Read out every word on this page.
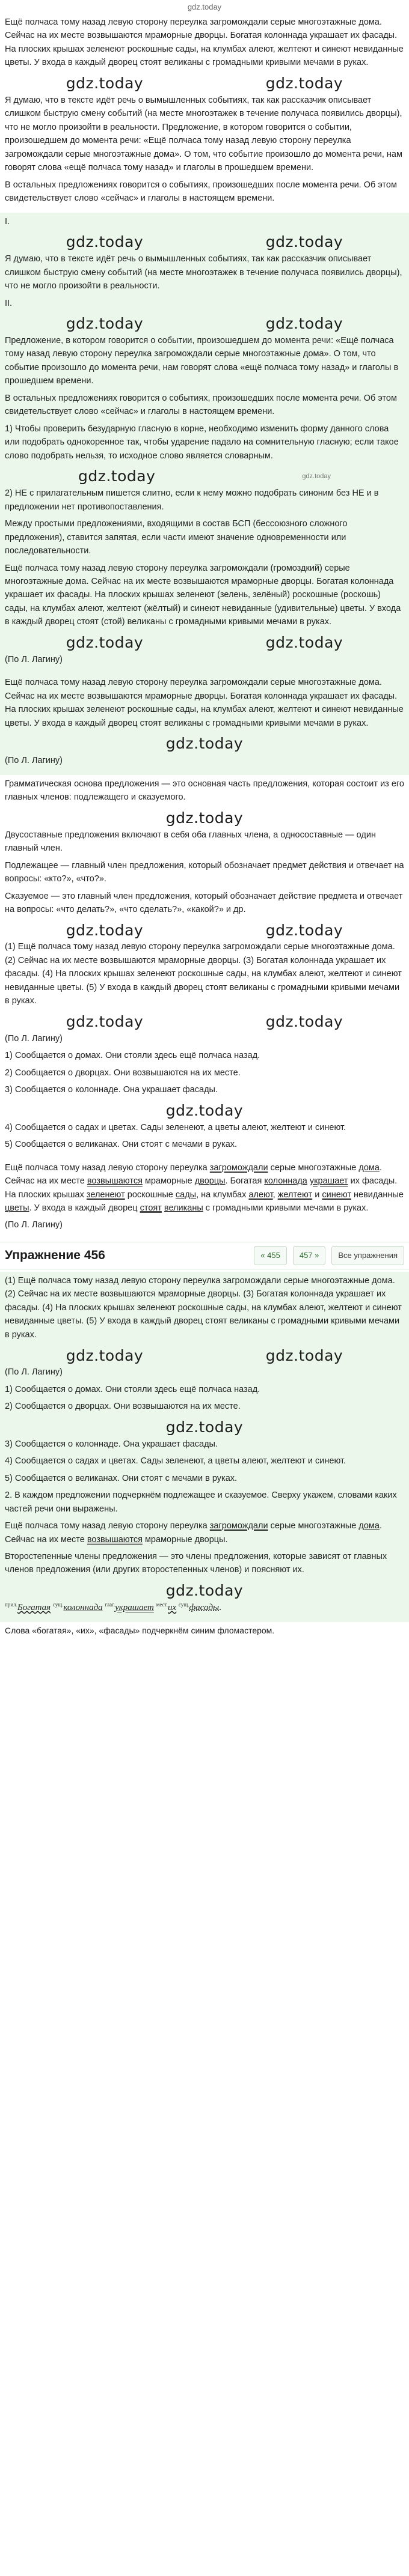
gdz.today

Ещё полчаса тому назад левую сторону переулка загромождали серые многоэтажные дома. Сейчас на их месте возвышаются мраморные дворцы. Богатая колоннада украшает их фасады. На плоских крышах зеленеют роскошные сады, на клумбах алеют, желтеют и синеют невиданные цветы. У входа в каждый дворец стоят великаны с громадными кривыми мечами в руках.

gdz.today	gdz.today

Я думаю, что в тексте идёт речь о вымышленных событиях, так как рассказчик описывает слишком быструю смену событий (на месте многоэтажек в течение получаса появились дворцы), что не могло произойти в реальности. Предложение, в котором говорится о событии, произошедшем до момента речи: «Ещё полчаса тому назад левую сторону переулка загромождали серые многоэтажные дома». О том, что событие произошло до момента речи, нам говорят слова «ещё полчаса тому назад» и глаголы в прошедшем времени.

В остальных предложениях говорится о событиях, произошедших после момента речи. Об этом свидетельствует слово «сейчас» и глаголы в настоящем времени.

I.

gdz.today	gdz.today

Я думаю, что в тексте идёт речь о вымышленных событиях, так как рассказчик описывает слишком быструю смену событий (на месте многоэтажек в течение получаса появились дворцы), что не могло произойти в реальности.

II.

gdz.today	gdz.today

Предложение, в котором говорится о событии, произошедшем до момента речи: «Ещё полчаса тому назад левую сторону переулка загромождали серые многоэтажные дома». О том, что событие произошло до момента речи, нам говорят слова «ещё полчаса тому назад» и глаголы в прошедшем времени.

В остальных предложениях говорится о событиях, произошедших после момента речи. Об этом свидетельствует слово «сейчас» и глаголы в настоящем времени.

1) Чтобы проверить безударную гласную в корне, необходимо изменить форму данного слова или подобрать однокоренное так, чтобы ударение падало на сомнительную гласную; если такое слово подобрать нельзя, то исходное слово является словарным.

gdz.today	gdz.today

2) НЕ с прилагательным пишется слитно, если к нему можно подобрать синоним без НЕ и в предложении нет противопоставления.

Между простыми предложениями, входящими в состав БСП (бессоюзного сложного предложения), ставится запятая, если части имеют значение одновременности или последовательности.

Ещё полчаса тому назад левую сторону переулка загромождали (громоздкий) серые многоэтажные дома. Сейчас на их месте возвышаются мраморные дворцы. Богатая колоннада украшает их фасады. На плоских крышах зеленеют (зелень, зелёный) роскошные (роскошь) сады, на клумбах алеют, желтеют (жёлтый) и синеют невиданные (удивительные) цветы. У входа в каждый дворец стоят (стой) великаны с громадными кривыми мечами в руках.

gdz.today	gdz.today

(По Л. Лагину)

Ещё полчаса тому назад левую сторону переулка загромождали серые многоэтажные дома. Сейчас на их месте возвышаются мраморные дворцы. Богатая колоннада украшает их фасады. На плоских крышах зеленеют роскошные сады, на клумбах алеют, желтеют и синеют невиданные цветы. У входа в каждый дворец стоят великаны с громадными кривыми мечами в руках.

gdz.today

(По Л. Лагину)

Грамматическая основа предложения — это основная часть предложения, которая состоит из его главных членов: подлежащего и сказуемого.

gdz.today

Двусоставные предложения включают в себя оба главных члена, а односоставные — один главный член.

Подлежащее — главный член предложения, который обозначает предмет действия и отвечает на вопросы: «кто?», «что?».

Сказуемое — это главный член предложения, который обозначает действие предмета и отвечает на вопросы: «что делать?», «что сделать?», «какой?» и др.

gdz.today	gdz.today

(1) Ещё полчаса тому назад левую сторону переулка загромождали серые многоэтажные дома. (2) Сейчас на их месте возвышаются мраморные дворцы. (3) Богатая колоннада украшает их фасады. (4) На плоских крышах зеленеют роскошные сады, на клумбах алеют, желтеют и синеют невиданные цветы. (5) У входа в каждый дворец стоят великаны с громадными кривыми мечами в руках.

gdz.today	gdz.today

(По Л. Лагину)

1) Сообщается о домах. Они стояли здесь ещё полчаса назад.

2) Сообщается о дворцах. Они возвышаются на их месте.

3) Сообщается о колоннаде. Она украшает фасады.

gdz.today

4) Сообщается о садах и цветах. Сады зеленеют, а цветы алеют, желтеют и синеют.

5) Сообщается о великанах. Они стоят с мечами в руках.

Ещё полчаса тому назад левую сторону переулка загромождали серые многоэтажные дома. Сейчас на их месте возвышаются мраморные дворцы. Богатая колоннада украшает их фасады. На плоских крышах зеленеют роскошные сады, на клумбах алеют, желтеют и синеют невиданные цветы. У входа в каждый дворец стоят великаны с громадными кривыми мечами в руках.

(По Л. Лагину)

Упражнение 456	« 455	457 »	Все упражнения

(1) Ещё полчаса тому назад левую сторону переулка загромождали серые многоэтажные дома. (2) Сейчас на их месте возвышаются мраморные дворцы. (3) Богатая колоннада украшает их фасады. (4) На плоских крышах зеленеют роскошные сады, на клумбах алеют, желтеют и синеют невиданные цветы. (5) У входа в каждый дворец стоят великаны с громадными кривыми мечами в руках.

gdz.today	gdz.today

(По Л. Лагину)

1) Сообщается о домах. Они стояли здесь ещё полчаса назад.

2) Сообщается о дворцах. Они возвышаются на их месте.

gdz.today

3) Сообщается о колоннаде. Она украшает фасады.

4) Сообщается о садах и цветах. Сады зеленеют, а цветы алеют, желтеют и синеют.

5) Сообщается о великанах. Они стоят с мечами в руках.

2. В каждом предложении подчеркнём подлежащее и сказуемое. Сверху укажем, словами каких частей речи они выражены.

Ещё полчаса тому назад левую сторону переулка загромождали серые многоэтажные дома. Сейчас на их месте возвышаются мраморные дворцы.

Второстепенные члены предложения — это члены предложения, которые зависят от главных членов предложения (или других второстепенных членов) и поясняют их.

gdz.today

$^{прил.}$Богатая $^{сущ.}$колоннада $^{глаг.}$украшает $^{мест.}$их $^{сущ.}$фасады.

Слова «богатая», «их», «фасады» подчеркнём синим фломастером.
